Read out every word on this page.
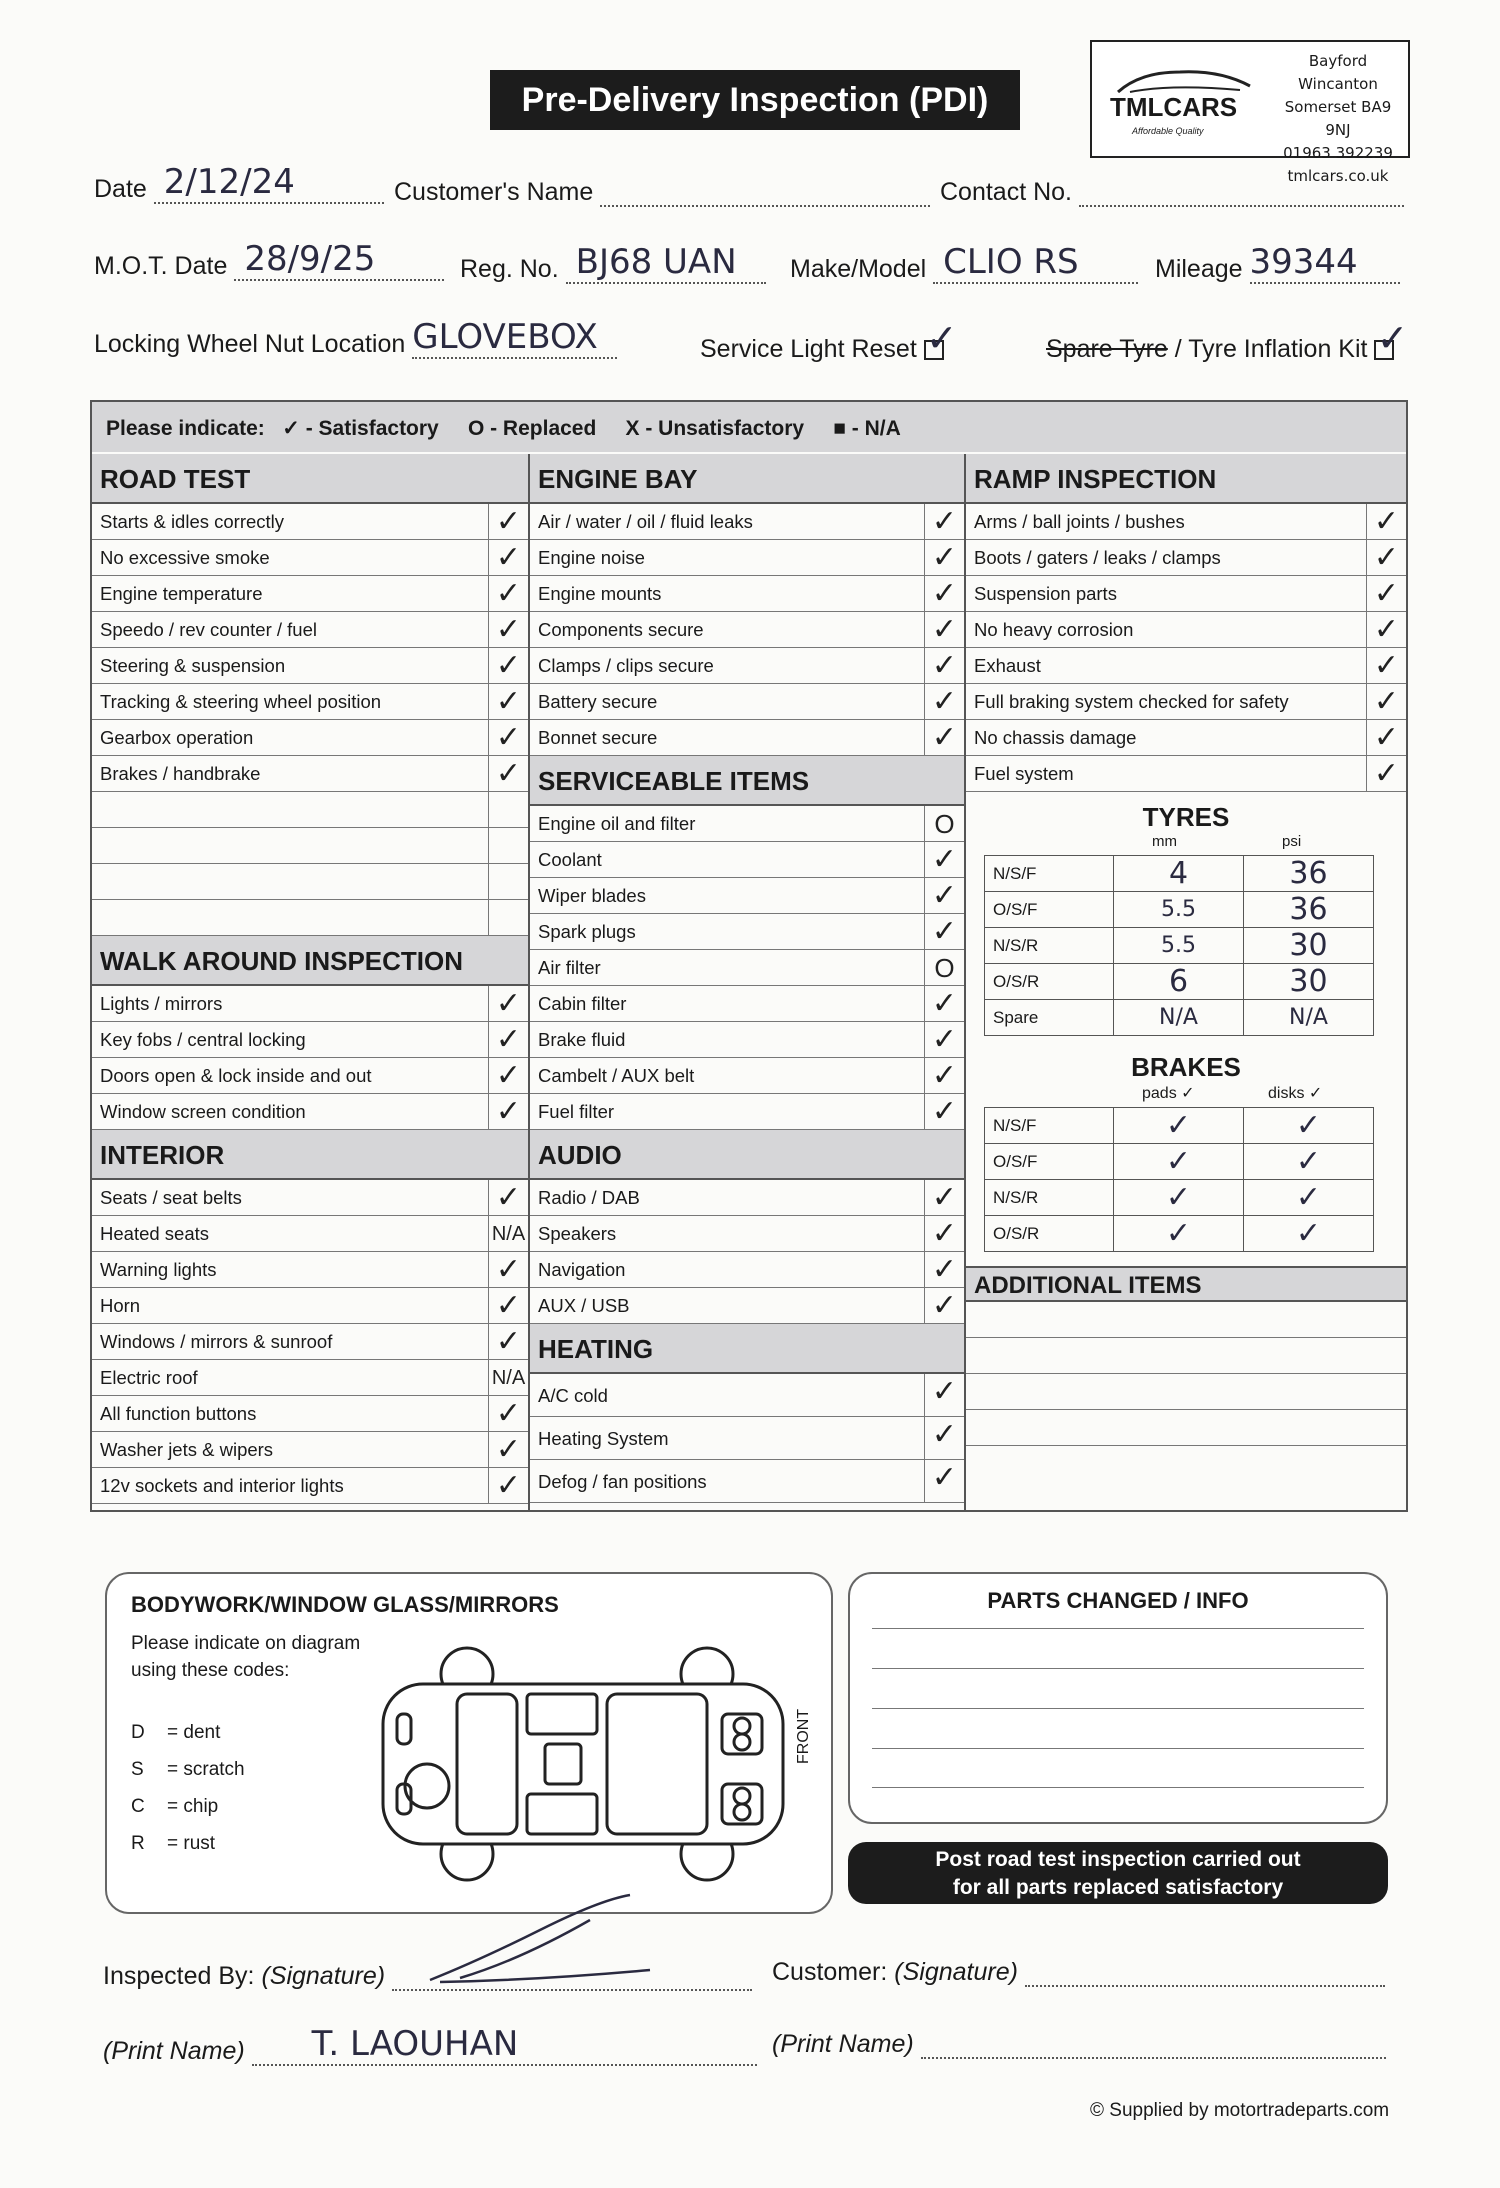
Pre-Delivery Inspection (PDI)	TMLCARS
Affordable Quality
Bayford Wincanton
Somerset BA9 9NJ
01963 392239
tmlcars.co.uk
Date 2/12/24	Customer's Name	Contact No.
M.O.T. Date 28/9/25	Reg. No. BJ68 UAN Make/Model CLIO RS	Mileage 39344
Locking Wheel Nut Location GLOVEBOX	Service Light Reset ✓	Spare Tyre / Tyre Inflation Kit ✓
Please indicate: ✓ - Satisfactory O - Replaced X - Unsatisfactory ■ - N/A
ROAD TEST
Starts & idles correctly	✓
No excessive smoke	✓
Engine temperature	✓
Speedo / rev counter / fuel	✓
Steering & suspension	✓
Tracking & steering wheel position	✓
Gearbox operation	✓
Brakes / handbrake	✓
WALK AROUND INSPECTION
Lights / mirrors	✓
Key fobs / central locking	✓
Doors open & lock inside and out	✓
Window screen condition	✓
INTERIOR
Seats / seat belts	✓
Heated seats	N/A
Warning lights	✓
Horn	✓
Windows / mirrors & sunroof	✓
Electric roof	N/A
All function buttons	✓
Washer jets & wipers	✓
12v sockets and interior lights	✓
ENGINE BAY
Air / water / oil / fluid leaks	✓
Engine noise	✓
Engine mounts	✓
Components secure	✓
Clamps / clips secure	✓
Battery secure	✓
Bonnet secure	✓
SERVICEABLE ITEMS
Engine oil and filter	O
Coolant	✓
Wiper blades	✓
Spark plugs	✓
Air filter	O
Cabin filter	✓
Brake fluid	✓
Cambelt / AUX belt	✓
Fuel filter	✓
AUDIO
Radio / DAB	✓
Speakers	✓
Navigation	✓
AUX / USB	✓
HEATING
A/C cold	✓
Heating System	✓
Defog / fan positions	✓
RAMP INSPECTION
Arms / ball joints / bushes	✓
Boots / gaters / leaks / clamps	✓
Suspension parts	✓
No heavy corrosion	✓
Exhaust	✓
Full braking system checked for safety	✓
No chassis damage	✓
Fuel system	✓
TYRES
mm	psi
N/S/F	4	36
O/S/F	5.5	36
N/S/R	5.5	30
O/S/R	6	30
Spare	N/A	N/A
BRAKES
pads ✓	disks ✓
N/S/F	✓	✓
O/S/F	✓	✓
N/S/R	✓	✓
O/S/R	✓	✓
ADDITIONAL ITEMS
BODYWORK/WINDOW GLASS/MIRRORS
Please indicate on diagram
using these codes:
D = dent
S = scratch
C = chip
R = rust
FRONT
PARTS CHANGED / INFO
Post road test inspection carried out
for all parts replaced satisfactory
Inspected By: (Signature)	Customer: (Signature)
(Print Name) T. LAOUHAN	(Print Name)
© Supplied by motortradeparts.com
